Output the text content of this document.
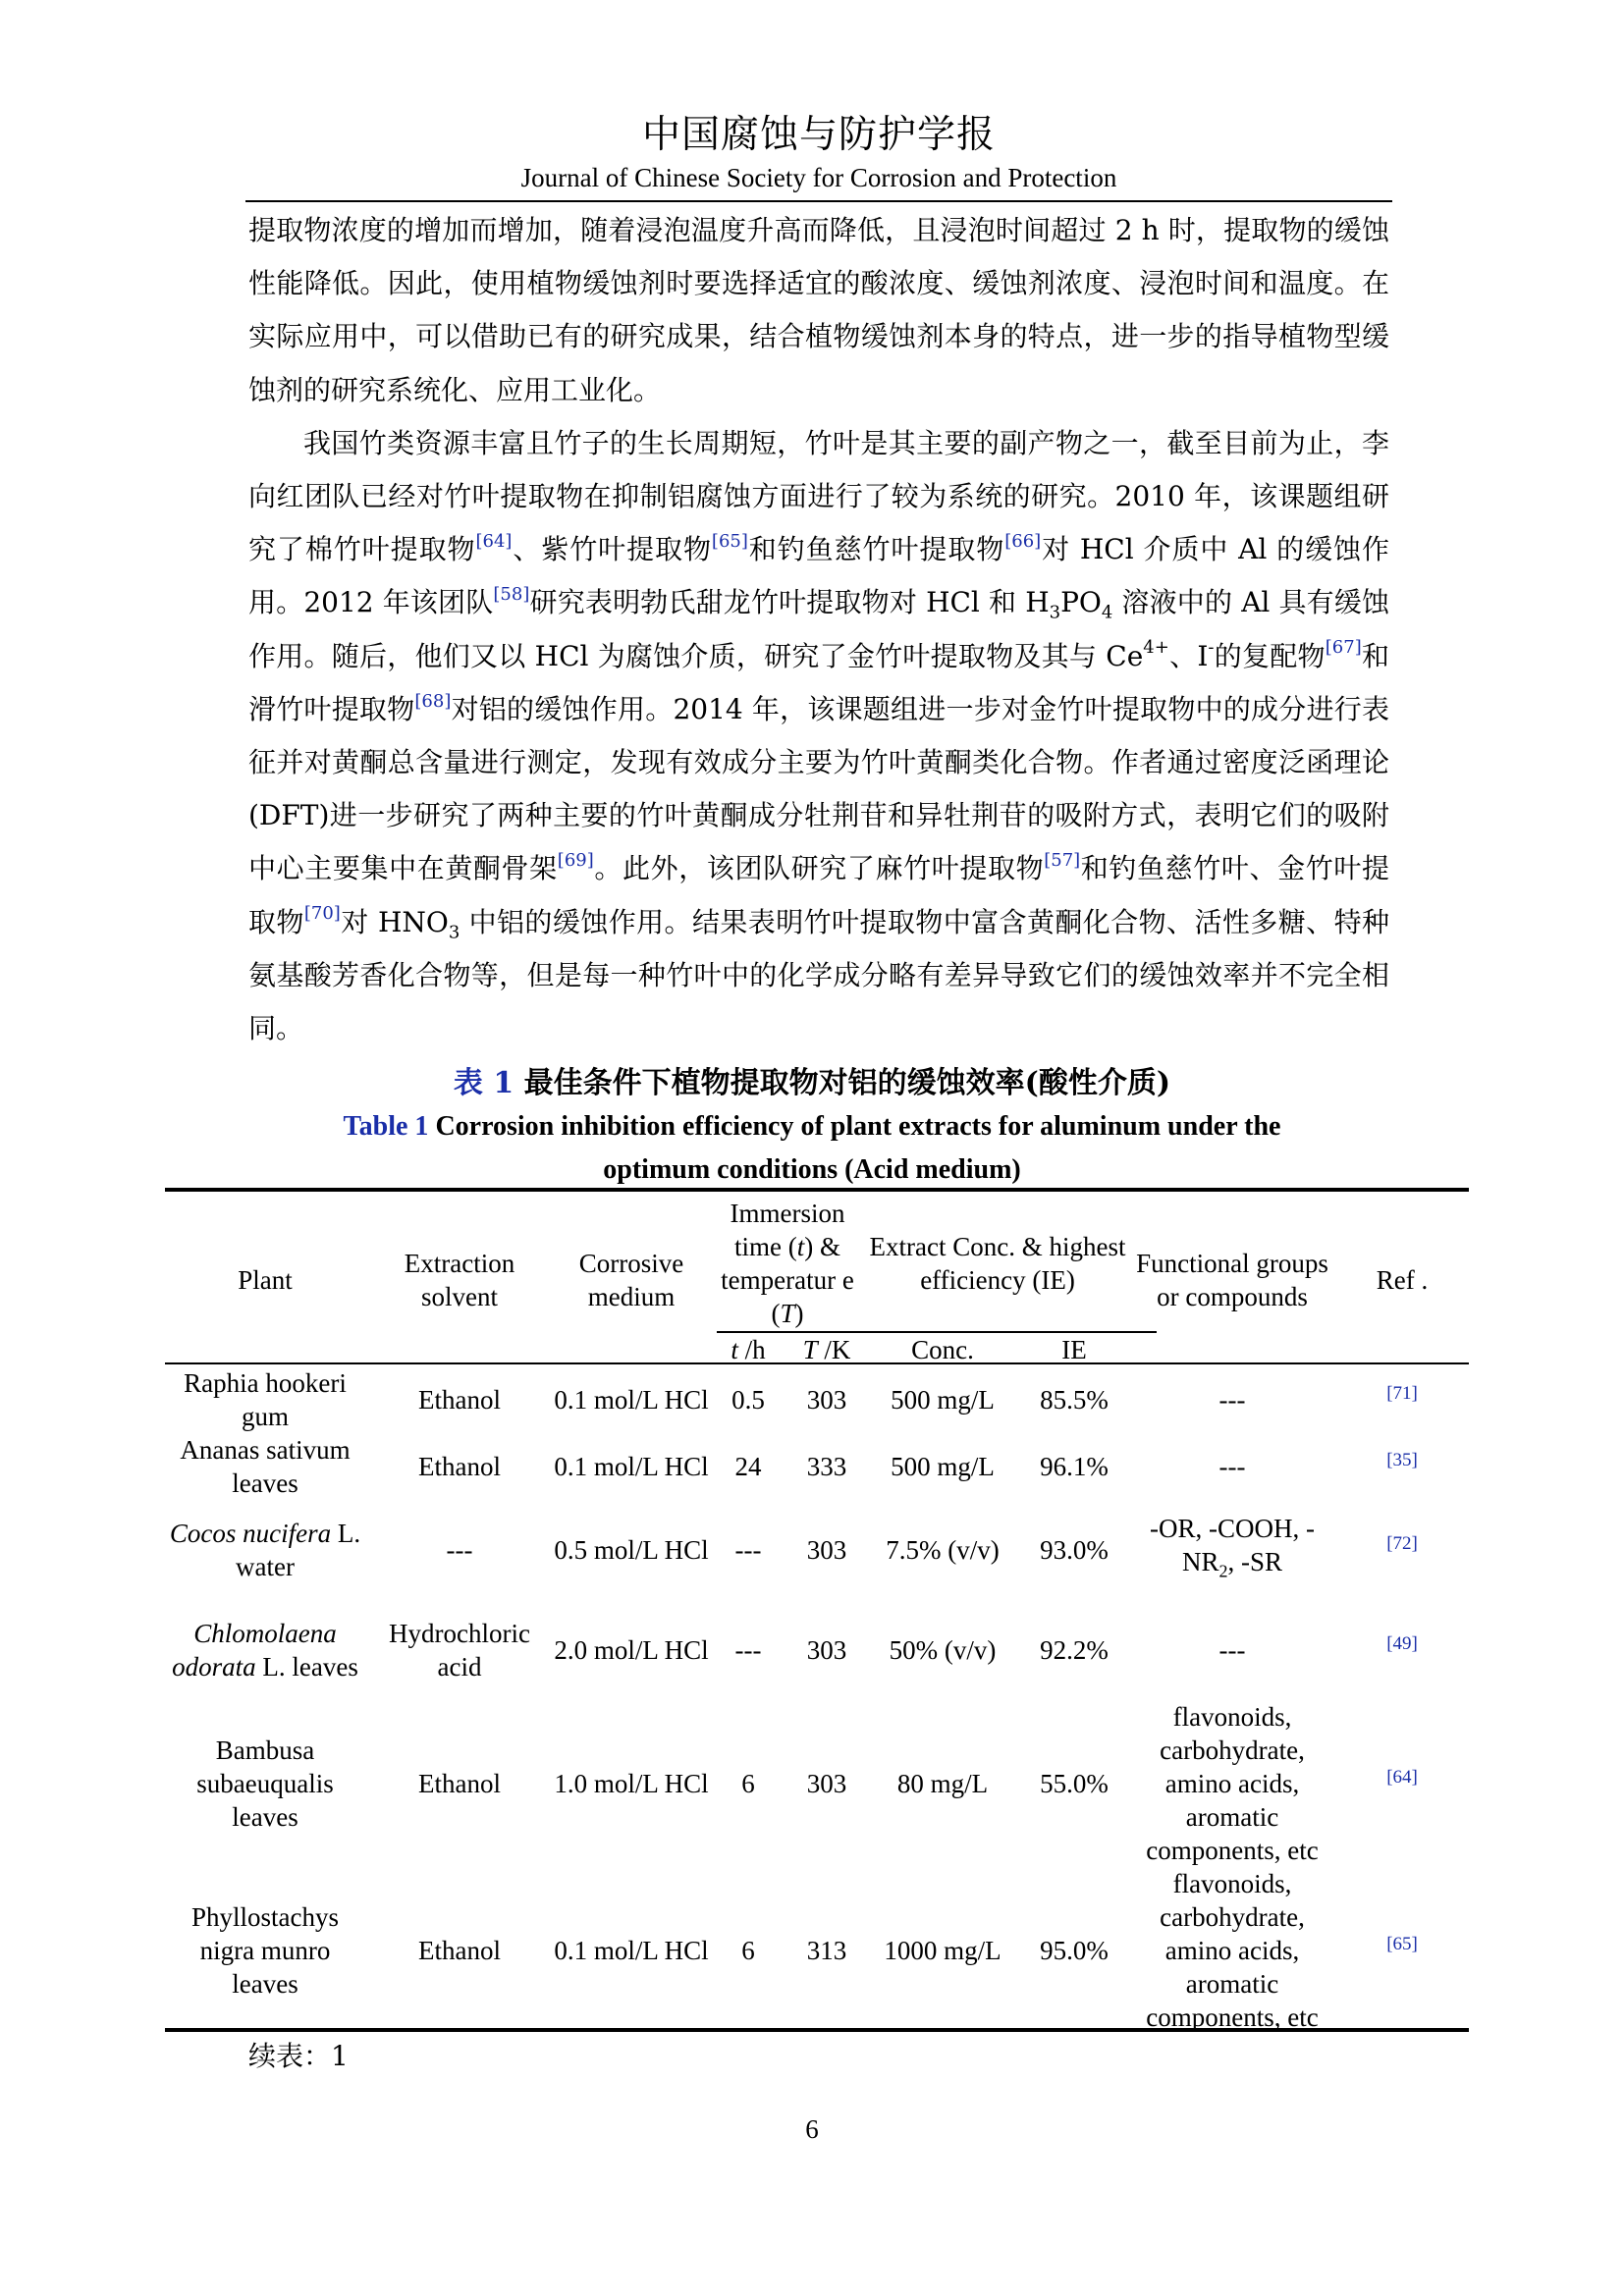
中国腐蚀与防护学报
Journal of Chinese Society for Corrosion and Protection

提取物浓度的增加而增加，随着浸泡温度升高而降低，且浸泡时间超过 2 h 时，提取物的缓蚀性能降低。因此，使用植物缓蚀剂时要选择适宜的酸浓度、缓蚀剂浓度、浸泡时间和温度。在实际应用中，可以借助已有的研究成果，结合植物缓蚀剂本身的特点，进一步的指导植物型缓蚀剂的研究系统化、应用工业化。

我国竹类资源丰富且竹子的生长周期短，竹叶是其主要的副产物之一，截至目前为止，李向红团队已经对竹叶提取物在抑制铝腐蚀方面进行了较为系统的研究。2010 年，该课题组研究了棉竹叶提取物[64]、紫竹叶提取物[65]和钓鱼慈竹叶提取物[66]对 HCl 介质中 Al 的缓蚀作用。2012 年该团队[58]研究表明勃氏甜龙竹叶提取物对 HCl 和 $H_3PO_4$ 溶液中的 Al 具有缓蚀作用。随后，他们又以 HCl 为腐蚀介质，研究了金竹叶提取物及其与 $Ce^{4+}$、I-的复配物[67]和滑竹叶提取物[68]对铝的缓蚀作用。2014 年，该课题组进一步对金竹叶提取物中的成分进行表征并对黄酮总含量进行测定，发现有效成分主要为竹叶黄酮类化合物。作者通过密度泛函理论(DFT)进一步研究了两种主要的竹叶黄酮成分牡荆苷和异牡荆苷的吸附方式，表明它们的吸附中心主要集中在黄酮骨架[69]。此外，该团队研究了麻竹叶提取物[57]和钓鱼慈竹叶、金竹叶提取物[70]对 $HNO_3$ 中铝的缓蚀作用。结果表明竹叶提取物中富含黄酮化合物、活性多糖、特种氨基酸芳香化合物等，但是每一种竹叶中的化学成分略有差异导致它们的缓蚀效率并不完全相同。

表 1 最佳条件下植物提取物对铝的缓蚀效率(酸性介质)
Table 1 Corrosion inhibition efficiency of plant extracts for aluminum under the
optimum conditions (Acid medium)
Plant	Extraction solvent	Corrosive medium	Immersion time (t) & temperatur e (T)		Extract Conc. & highest efficiency (IE)		Functional groups or compounds	Ref .
			t /h	T /K	Conc.	IE		
Raphia hookeri gum	Ethanol	0.1 mol/L HCl	0.5	303	500 mg/L	85.5%	---	[71]
Ananas sativum leaves	Ethanol	0.1 mol/L HCl	24	333	500 mg/L	96.1%	---	[35]
Cocos nucifera L. water	---	0.5 mol/L HCl	---	303	7.5% (v/v)	93.0%	-OR, -COOH, $-NR_2$, -SR	[72]
Chlomolaena odorata L. leaves	Hydrochloric acid	2.0 mol/L HCl	---	303	50% (v/v)	92.2%	---	[49]
Bambusa subaeuqualis leaves	Ethanol	1.0 mol/L HCl	6	303	80 mg/L	55.0%	flavonoids, carbohydrate, amino acids, aromatic components, etc	[64]
Phyllostachys nigra munro leaves	Ethanol	0.1 mol/L HCl	6	313	1000 mg/L	95.0%	flavonoids, carbohydrate, amino acids, aromatic components, etc	[65]
续表：1
6
